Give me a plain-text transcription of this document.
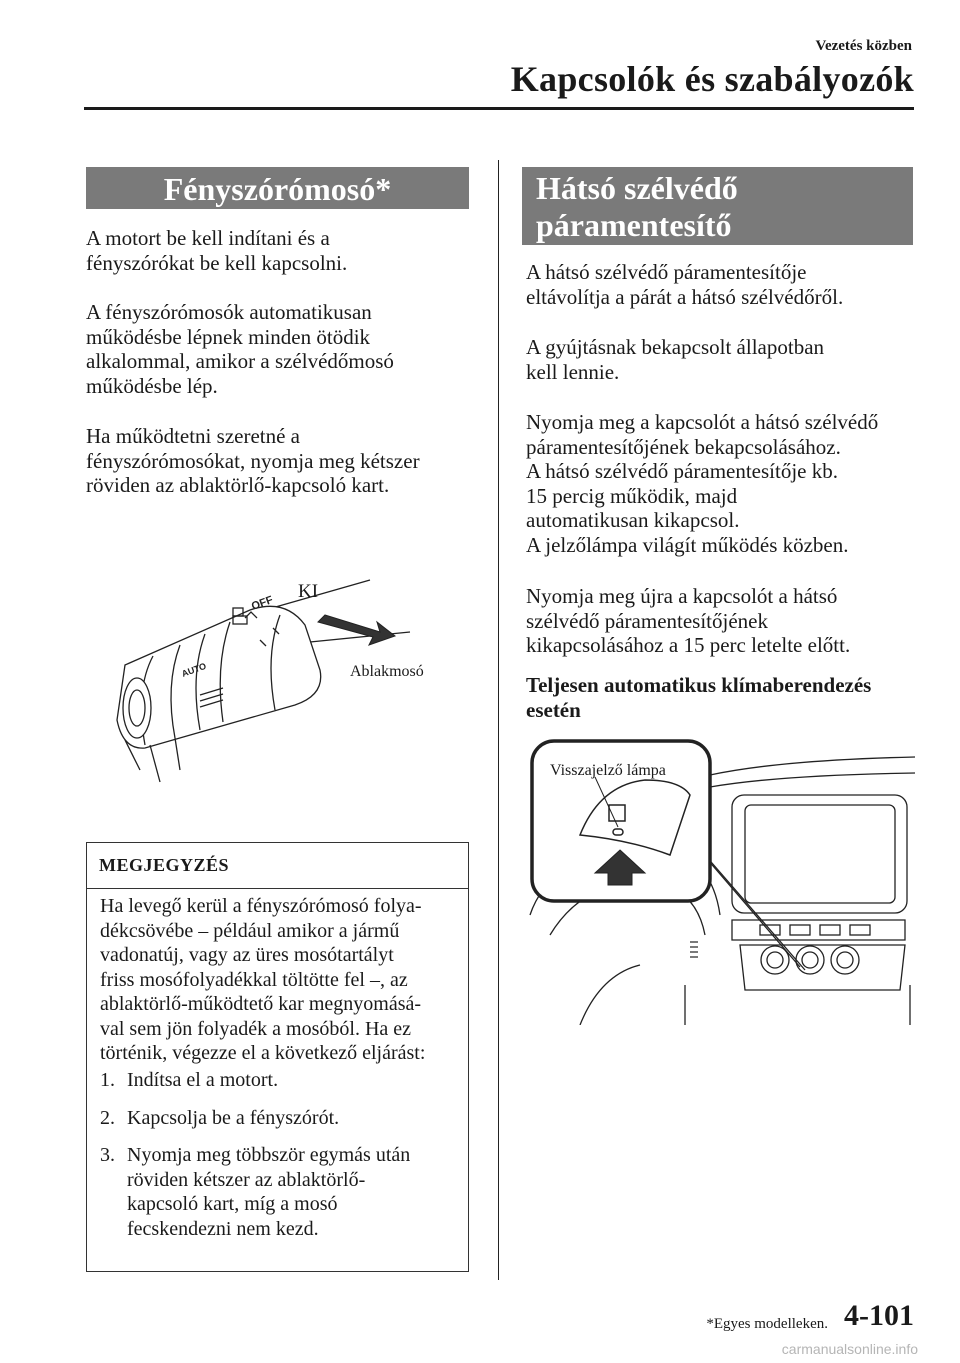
Vezetés közben
Kapcsolók és szabályozók
Fényszórómosó*

A motort be kell indítani és a

fényszórókat be kell kapcsolni.

A fényszórómosók automatikusan

működésbe lépnek minden ötödik

alkalommal, amikor a szélvédőmosó

működésbe lép.

Ha működtetni szeretné a

fényszórómosókat, nyomja meg kétszer

röviden az ablaktörlő-kapcsoló kart.

OFF
AUTO
KI
Ablakmosó
MEGJEGYZÉS
Ha levegő kerül a fényszórómosó folya-
dékcsövébe – például amikor a jármű
vadonatúj, vagy az üres mosótartályt
friss mosófolyadékkal töltötte fel –, az
ablaktörlő-működtető kar megnyomásá-
val sem jön folyadék a mosóból. Ha ez
történik, végezze el a következő eljárást:
1. Indítsa el a motort.
2. Kapcsolja be a fényszórót.
3. Nyomja meg többször egymás után
röviden kétszer az ablaktörlő-
kapcsoló kart, míg a mosó
fecskendezni nem kezd.
Hátsó szélvédő
páramentesítő

A hátsó szélvédő páramentesítője

eltávolítja a párát a hátsó szélvédőről.

A gyújtásnak bekapcsolt állapotban

kell lennie.

Nyomja meg a kapcsolót a hátsó szélvédő

páramentesítőjének bekapcsolásához.

A hátsó szélvédő páramentesítője kb.

15 percig működik, majd

automatikusan kikapcsol.

A jelzőlámpa világít működés közben.

Nyomja meg újra a kapcsolót a hátsó

szélvédő páramentesítőjének

kikapcsolásához a 15 perc letelte előtt.

Teljesen automatikus klímaberendezés

esetén

Visszajelző lámpa
*Egyes modelleken. 4-101
carmanualsonline.info
